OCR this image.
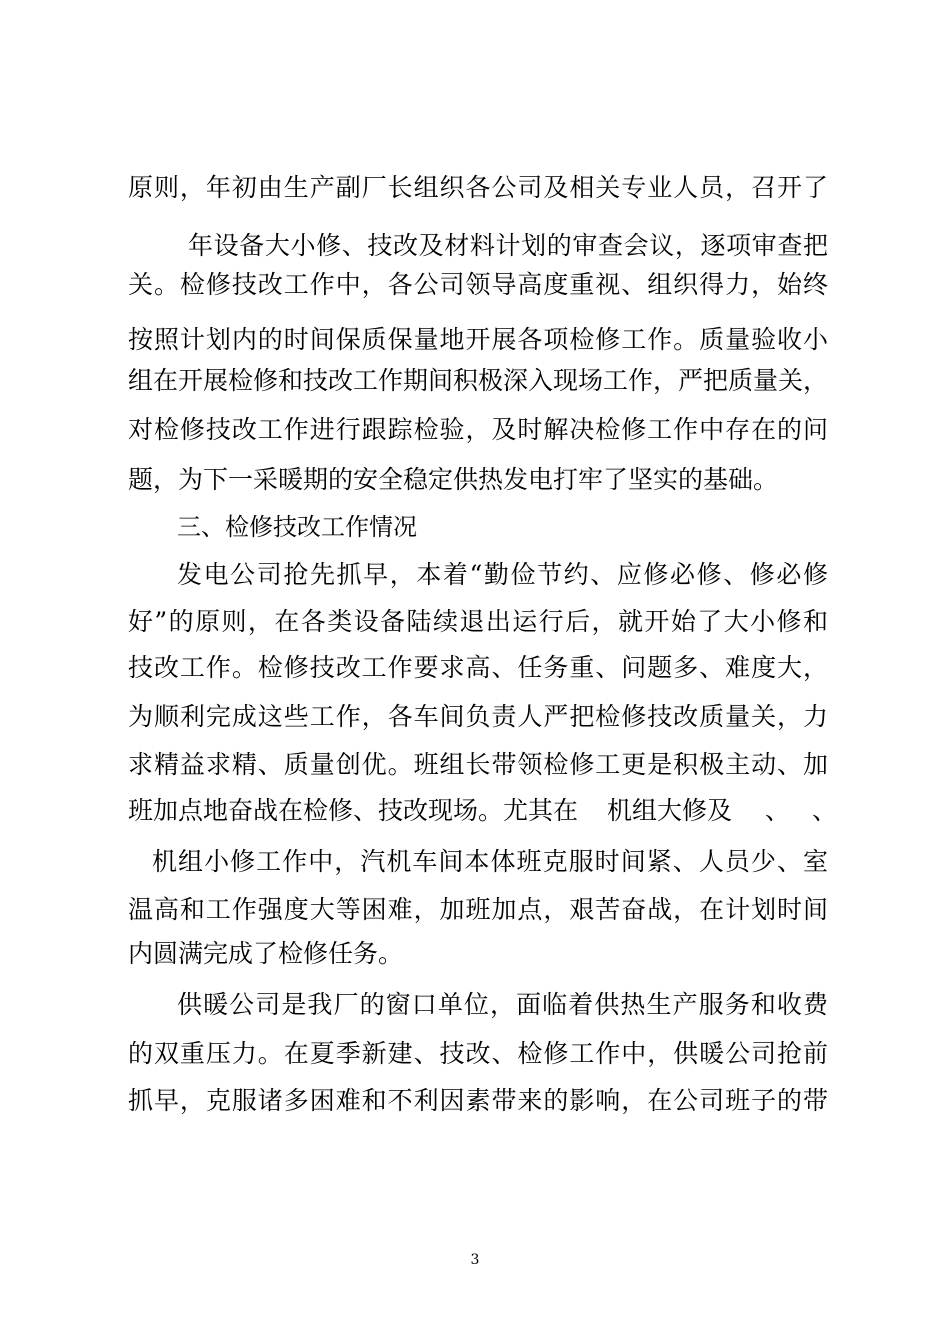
原则，年初由生产副厂长组织各公司及相关专业人员，召开了
年设备大小修、技改及材料计划的审查会议，逐项审查把
关。检修技改工作中，各公司领导高度重视、组织得力，始终
按照计划内的时间保质保量地开展各项检修工作。质量验收小
组在开展检修和技改工作期间积极深入现场工作，严把质量关，
对检修技改工作进行跟踪检验，及时解决检修工作中存在的问
题，为下一采暖期的安全稳定供热发电打牢了坚实的基础。
三、检修技改工作情况
发电公司抢先抓早，本着“勤俭节约、应修必修、修必修
好”的原则，在各类设备陆续退出运行后，就开始了大小修和
技改工作。检修技改工作要求高、任务重、问题多、难度大，
为顺利完成这些工作，各车间负责人严把检修技改质量关，力
求精益求精、质量创优。班组长带领检修工更是积极主动、加
班加点地奋战在检修、技改现场。尤其在	机组大修及	、 、
机组小修工作中，汽机车间本体班克服时间紧、人员少、室
温高和工作强度大等困难，加班加点，艰苦奋战，在计划时间
内圆满完成了检修任务。
供暖公司是我厂的窗口单位，面临着供热生产服务和收费
的双重压力。在夏季新建、技改、检修工作中，供暖公司抢前
抓早，克服诸多困难和不利因素带来的影响，在公司班子的带
3
